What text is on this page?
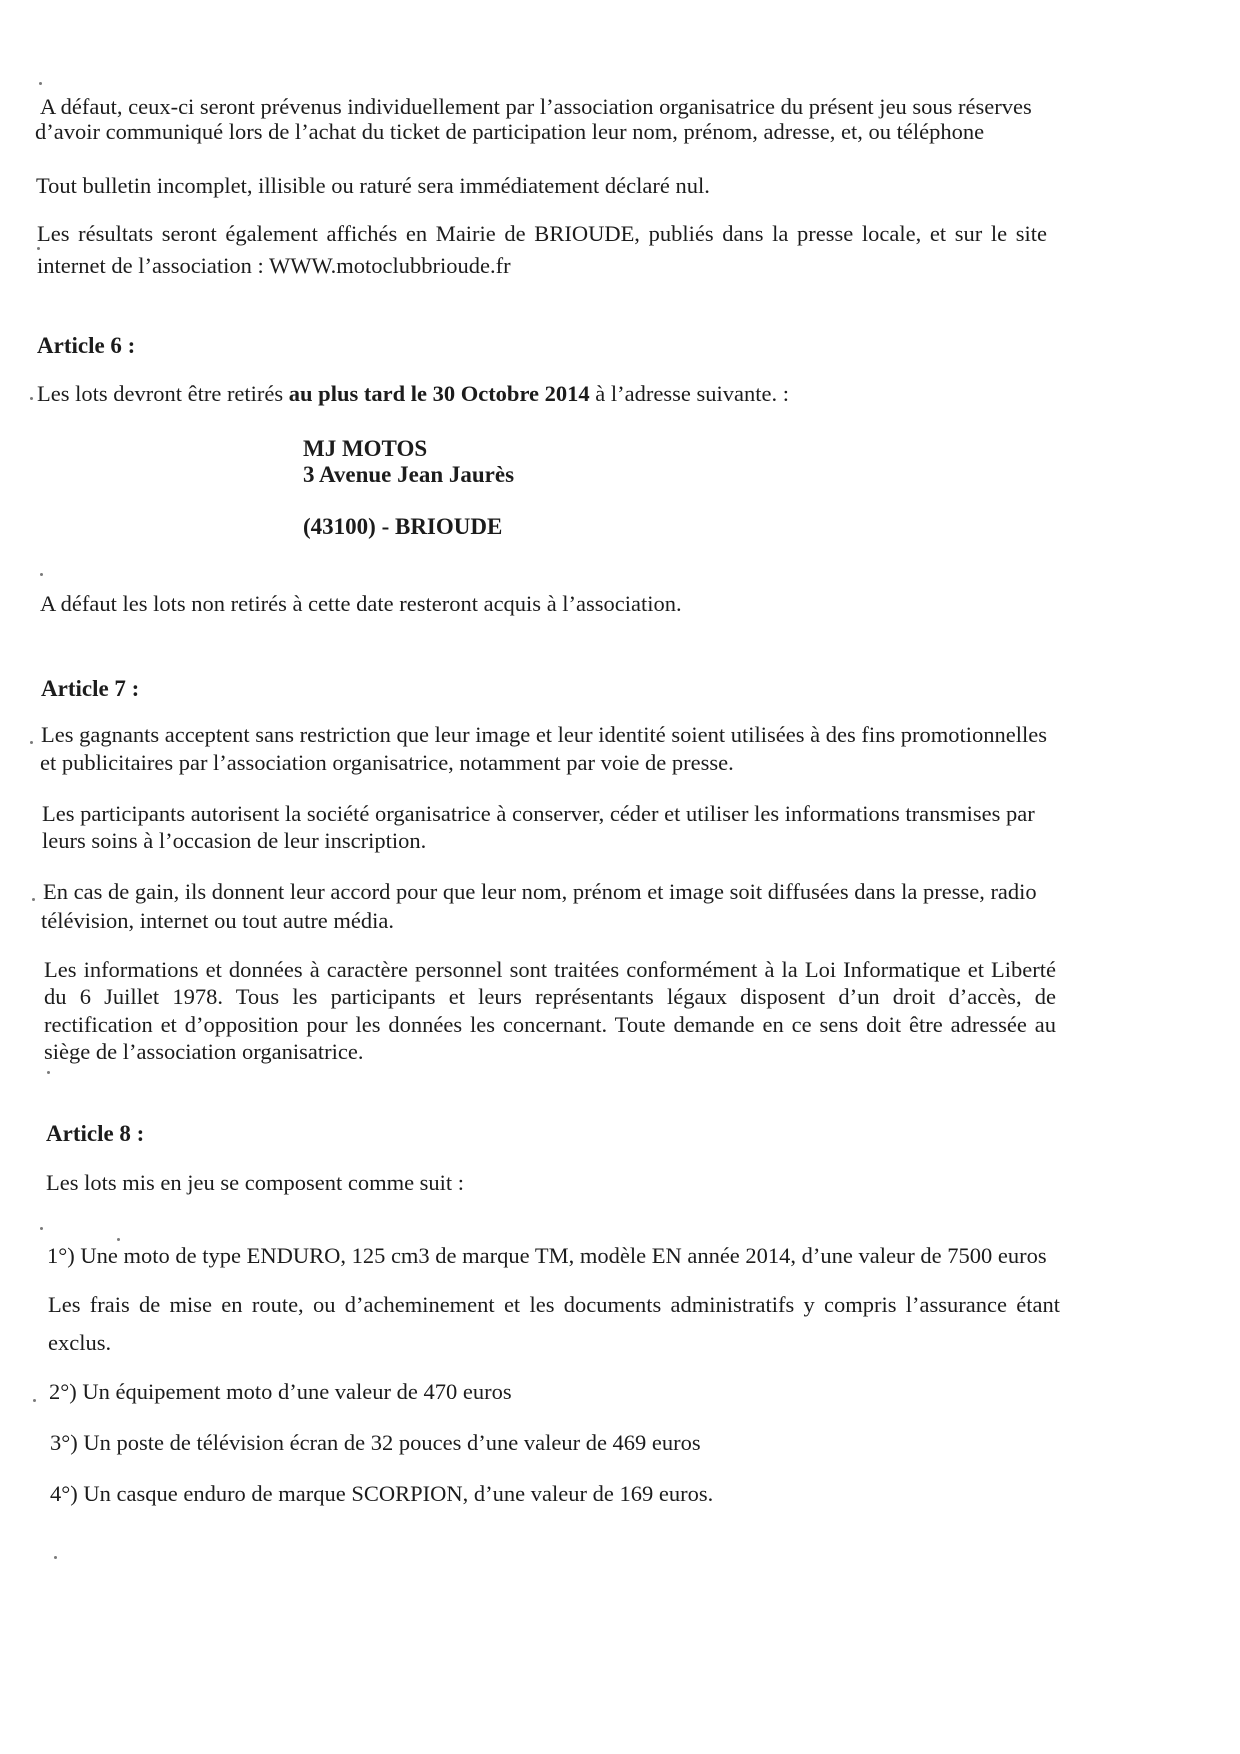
A défaut, ceux-ci seront prévenus individuellement par l’association organisatrice du présent jeu sous réserves
d’avoir communiqué lors de l’achat du ticket de participation leur nom, prénom, adresse, et, ou téléphone
Tout bulletin incomplet, illisible ou raturé sera immédiatement déclaré nul.
Les résultats seront également affichés en Mairie de BRIOUDE, publiés dans la presse locale, et sur le site
internet de l’association : WWW.motoclubbrioude.fr
Article 6 :
Les lots devront être retirés au plus tard le 30 Octobre 2014 à l’adresse suivante. :
MJ MOTOS
3 Avenue Jean Jaurès
(43100) - BRIOUDE
A défaut les lots non retirés à cette date resteront acquis à l’association.
Article 7 :
Les gagnants acceptent sans restriction que leur image et leur identité soient utilisées à des fins promotionnelles
et publicitaires par l’association organisatrice, notamment par voie de presse.
Les participants autorisent la société organisatrice à conserver, céder et utiliser les informations transmises par
leurs soins à l’occasion de leur inscription.
En cas de gain, ils donnent leur accord pour que leur nom, prénom et image soit diffusées dans la presse, radio
télévision, internet ou tout autre média.
Les informations et données à caractère personnel sont traitées conformément à la Loi Informatique et Liberté
du 6 Juillet 1978. Tous les participants et leurs représentants légaux disposent d’un droit d’accès, de
rectification et d’opposition pour les données les concernant. Toute demande en ce sens doit être adressée au
siège de l’association organisatrice.
Article 8 :
Les lots mis en jeu se composent comme suit :
1°) Une moto de type ENDURO, 125 cm3 de marque TM, modèle EN année 2014, d’une valeur de 7500 euros
Les frais de mise en route, ou d’acheminement et les documents administratifs y compris l’assurance étant
exclus.
2°) Un équipement moto d’une valeur de 470 euros
3°) Un poste de télévision écran de 32 pouces d’une valeur de 469 euros
4°) Un casque enduro de marque SCORPION, d’une valeur de 169 euros.
